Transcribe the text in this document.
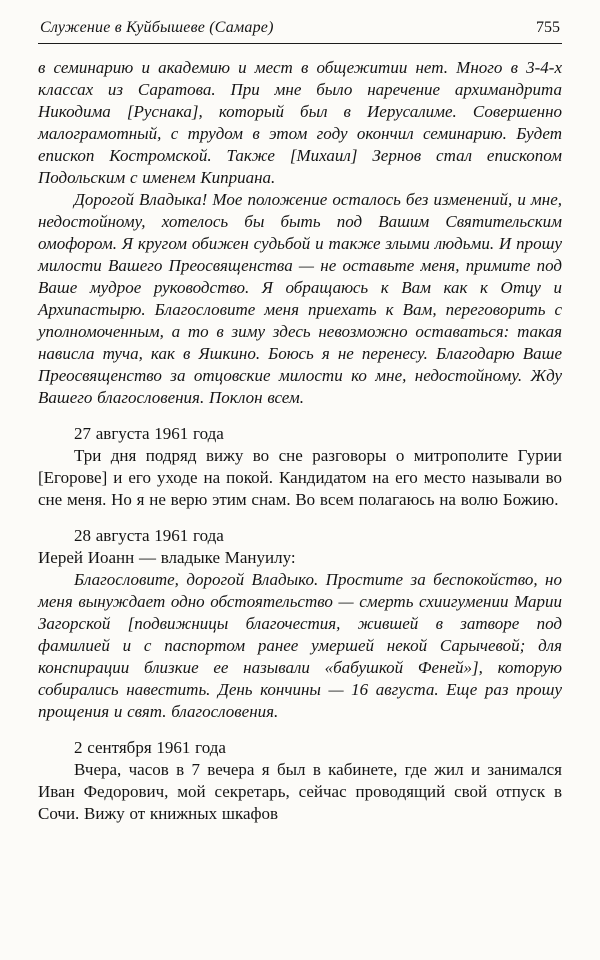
Служение в Куйбышеве (Самаре)	755

в семинарию и академию и мест в общежитии нет. Много в 3-4-х классах из Саратова. При мне было наречение архимандрита Никодима [Руснака], который был в Иерусалиме. Совершенно малограмотный, с трудом в этом году окончил семинарию. Будет епископ Костромской. Также [Михаил] Зернов стал епископом Подольским с именем Киприана.

Дорогой Владыка! Мое положение осталось без изменений, и мне, недостойному, хотелось бы быть под Вашим Святительским омофором. Я кругом обижен судьбой и также злыми людьми. И прошу милости Вашего Преосвященства — не оставьте меня, примите под Ваше мудрое руководство. Я обращаюсь к Вам как к Отцу и Архипастырю. Благословите меня приехать к Вам, переговорить с уполномоченным, а то в зиму здесь невозможно оставаться: такая нависла туча, как в Яшкино. Боюсь я не перенесу. Благодарю Ваше Преосвященство за отцовские милости ко мне, недостойному. Жду Вашего благословения. Поклон всем.

27 августа 1961 года

Три дня подряд вижу во сне разговоры о митрополите Гурии [Егорове] и его уходе на покой. Кандидатом на его место называли во сне меня. Но я не верю этим снам. Во всем полагаюсь на волю Божию.

28 августа 1961 года

Иерей Иоанн — владыке Мануилу:

Благословите, дорогой Владыко. Простите за беспокойство, но меня вынуждает одно обстоятельство — смерть схиигумении Марии Загорской [подвижницы благочестия, жившей в затворе под фамилией и с паспортом ранее умершей некой Сарычевой; для конспирации близкие ее называли «бабушкой Феней»], которую собирались навестить. День кончины — 16 августа. Еще раз прошу прощения и свят. благословения.

2 сентября 1961 года

Вчера, часов в 7 вечера я был в кабинете, где жил и занимался Иван Федорович, мой секретарь, сейчас проводящий свой отпуск в Сочи. Вижу от книжных шкафов
